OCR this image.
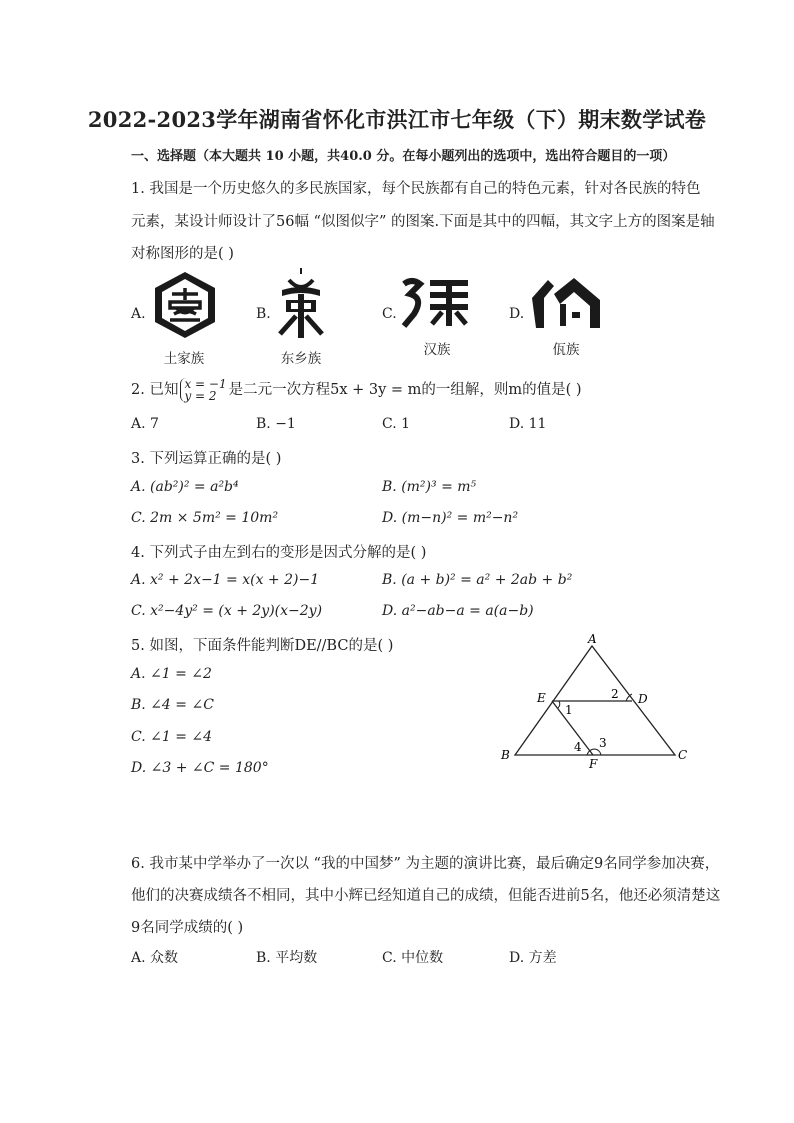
2022-2023学年湖南省怀化市洪江市七年级（下）期末数学试卷
一、选择题（本大题共 10 小题，共40.0 分。在每小题列出的选项中，选出符合题目的一项）
1. 我国是一个历史悠久的多民族国家，每个民族都有自己的特色元素，针对各民族的特色
元素，某设计师设计了56幅 “似图似字” 的图案.下面是其中的四幅，其文字上方的图案是轴
对称图形的是( )
A.
土家族
B.
东乡族
C.
汉族
D.
佤族
2. 已知 x = −1
y = 2 是二元一次方程5x + 3y = m的一组解，则m的值是( )
A. 7	B. −1	C. 1	D. 11
3. 下列运算正确的是( )
A. (ab²)² = a²b⁴	B. (m²)³ = m⁵
C. 2m × 5m² = 10m²	D. (m−n)² = m²−n²
4. 下列式子由左到右的变形是因式分解的是( )
A. x² + 2x−1 = x(x + 2)−1	B. (a + b)² = a² + 2ab + b²
C. x²−4y² = (x + 2y)(x−2y)	D. a²−ab−a = a(a−b)
5. 如图，下面条件能判断DE//BC的是( )
A. ∠1 = ∠2
B. ∠4 = ∠C
C. ∠1 = ∠4
D. ∠3 + ∠C = 180°
A
B	C
D
E
F
1
2
3
4
6. 我市某中学举办了一次以 “我的中国梦” 为主题的演讲比赛，最后确定9名同学参加决赛，
他们的决赛成绩各不相同，其中小辉已经知道自己的成绩，但能否进前5名，他还必须清楚这
9名同学成绩的( )
A. 众数	B. 平均数	C. 中位数	D. 方差
